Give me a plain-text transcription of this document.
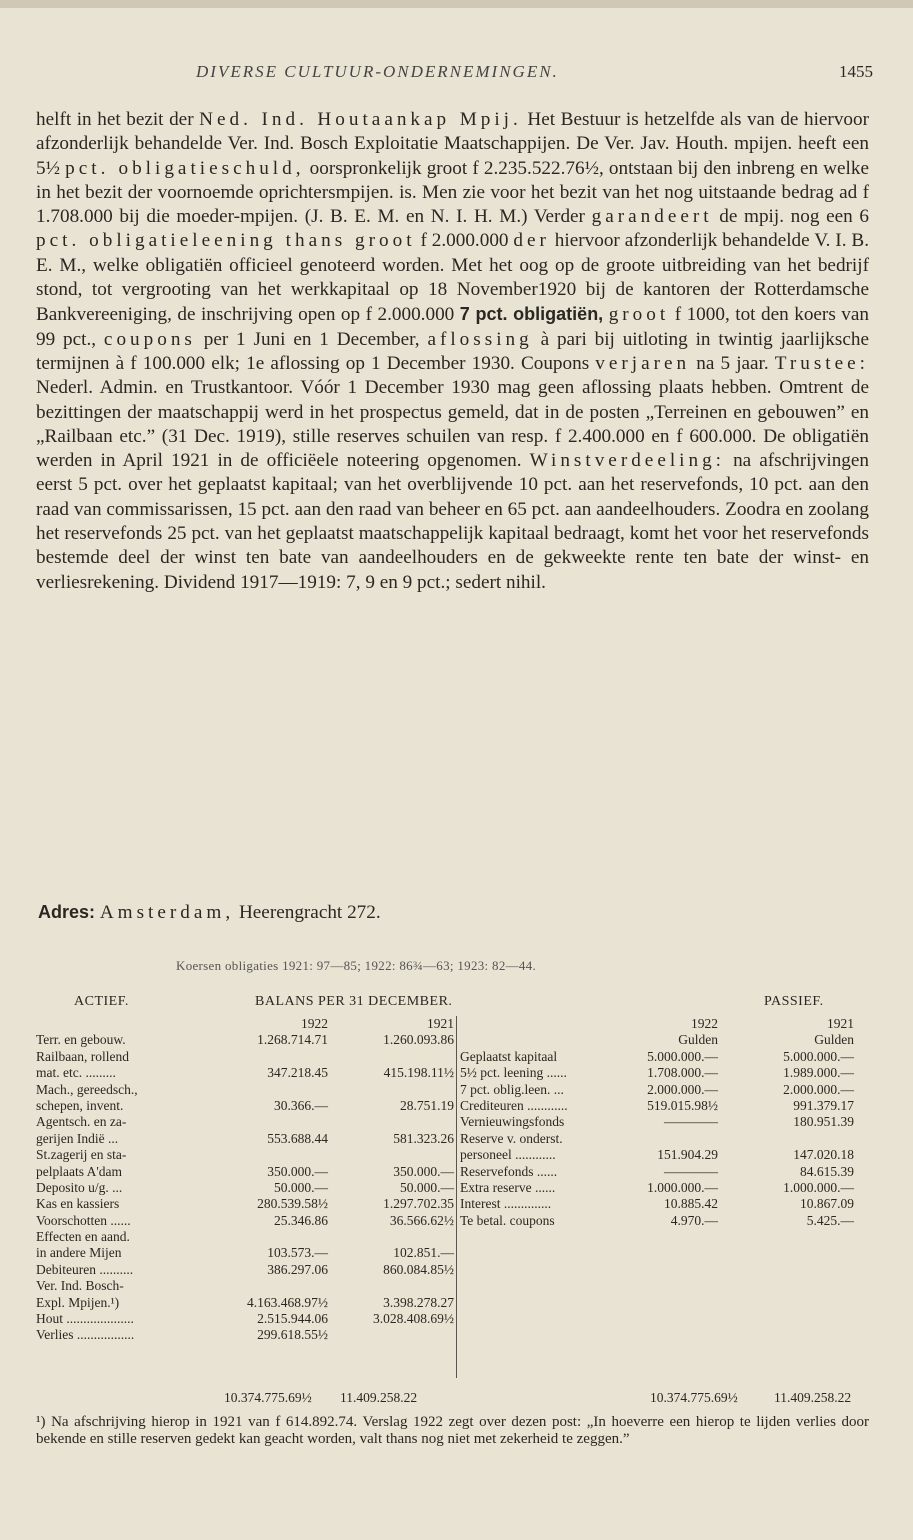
DIVERSE CULTUUR-ONDERNEMINGEN.	1455

helft in het bezit der Ned. Ind. Houtaankap Mpij. Het Bestuur is hetzelfde als van de hiervoor afzonderlijk behandelde Ver. Ind. Bosch Exploitatie Maatschappijen. De Ver. Jav. Houth. mpijen. heeft een 5½ pct. obligatieschuld, oorspronkelijk groot f 2.235.522.76½, ontstaan bij den inbreng en welke in het bezit der voornoemde oprichtersmpijen. is. Men zie voor het bezit van het nog uitstaande bedrag ad f 1.708.000 bij die moeder-mpijen. (J. B. E. M. en N. I. H. M.) Verder garandeert de mpij. nog een 6 pct. obligatieleening thans groot f 2.000.000 der hiervoor afzonderlijk behandelde V. I. B. E. M., welke obligatiën officieel genoteerd worden. Met het oog op de groote uitbreiding van het bedrijf stond, tot vergrooting van het werkkapitaal op 18 November1920 bij de kantoren der Rotterdamsche Bankvereeniging, de inschrijving open op f 2.000.000 7 pct. obligatiën, groot f 1000, tot den koers van 99 pct., coupons per 1 Juni en 1 December, aflossing à pari bij uitloting in twintig jaarlijksche termijnen à f 100.000 elk; 1e aflossing op 1 December 1930. Coupons verjaren na 5 jaar. Trustee: Nederl. Admin. en Trustkantoor. Vóór 1 December 1930 mag geen aflossing plaats hebben. Omtrent de bezittingen der maatschappij werd in het prospectus gemeld, dat in de posten „Terreinen en gebouwen” en „Railbaan etc.” (31 Dec. 1919), stille reserves schuilen van resp. f 2.400.000 en f 600.000. De obligatiën werden in April 1921 in de officiëele noteering opgenomen. Winstverdeeling: na afschrijvingen eerst 5 pct. over het geplaatst kapitaal; van het overblijvende 10 pct. aan het reservefonds, 10 pct. aan den raad van commissarissen, 15 pct. aan den raad van beheer en 65 pct. aan aandeelhouders. Zoodra en zoolang het reservefonds 25 pct. van het geplaatst maatschappelijk kapitaal bedraagt, komt het voor het reservefonds bestemde deel der winst ten bate van aandeelhouders en de gekweekte rente ten bate der winst- en verliesrekening. Dividend 1917—1919: 7, 9 en 9 pct.; sedert nihil.

Adres: Amsterdam, Heerengracht 272.
Koersen obligaties 1921: 97—85; 1922: 86¾—63; 1923: 82—44.
ACTIEF.	BALANS PER 31 DECEMBER.	PASSIEF.
1922	1921
Terr. en gebouw.	1.268.714.71	1.260.093.86
Railbaan, rollend
mat. etc. .........	347.218.45	415.198.11½
Mach., gereedsch.,
schepen, invent.	30.366.—	28.751.19
Agentsch. en za-
gerijen Indië ...	553.688.44	581.323.26
St.zagerij en sta-
pelplaats A'dam	350.000.—	350.000.—
Deposito u/g. ...	50.000.—	50.000.—
Kas en kassiers	280.539.58½	1.297.702.35
Voorschotten ......	25.346.86	36.566.62½
Effecten en aand.
in andere Mijen	103.573.—	102.851.—
Debiteuren ..........	386.297.06	860.084.85½
Ver. Ind. Bosch-
Expl. Mpijen.¹)	4.163.468.97½	3.398.278.27
Hout ....................	2.515.944.06	3.028.408.69½
Verlies .................	299.618.55½
1922	1921
Gulden	Gulden
Geplaatst kapitaal	5.000.000.—	5.000.000.—
5½ pct. leening ......	1.708.000.—	1.989.000.—
7 pct. oblig.leen. ...	2.000.000.—	2.000.000.—
Crediteuren ............	519.015.98½	991.379.17
Vernieuwingsfonds	————	180.951.39
Reserve v. onderst.
personeel ............	151.904.29	147.020.18
Reservefonds ......	————	84.615.39
Extra reserve ......	1.000.000.—	1.000.000.—
Interest ..............	10.885.42	10.867.09
Te betal. coupons	4.970.—	5.425.—
10.374.775.69½ 11.409.258.22	10.374.775.69½	11.409.258.22
¹) Na afschrijving hierop in 1921 van f 614.892.74. Verslag 1922 zegt over dezen post: „In hoeverre een hierop te lijden verlies door bekende en stille reserven gedekt kan geacht worden, valt thans nog niet met zekerheid te zeggen.”
